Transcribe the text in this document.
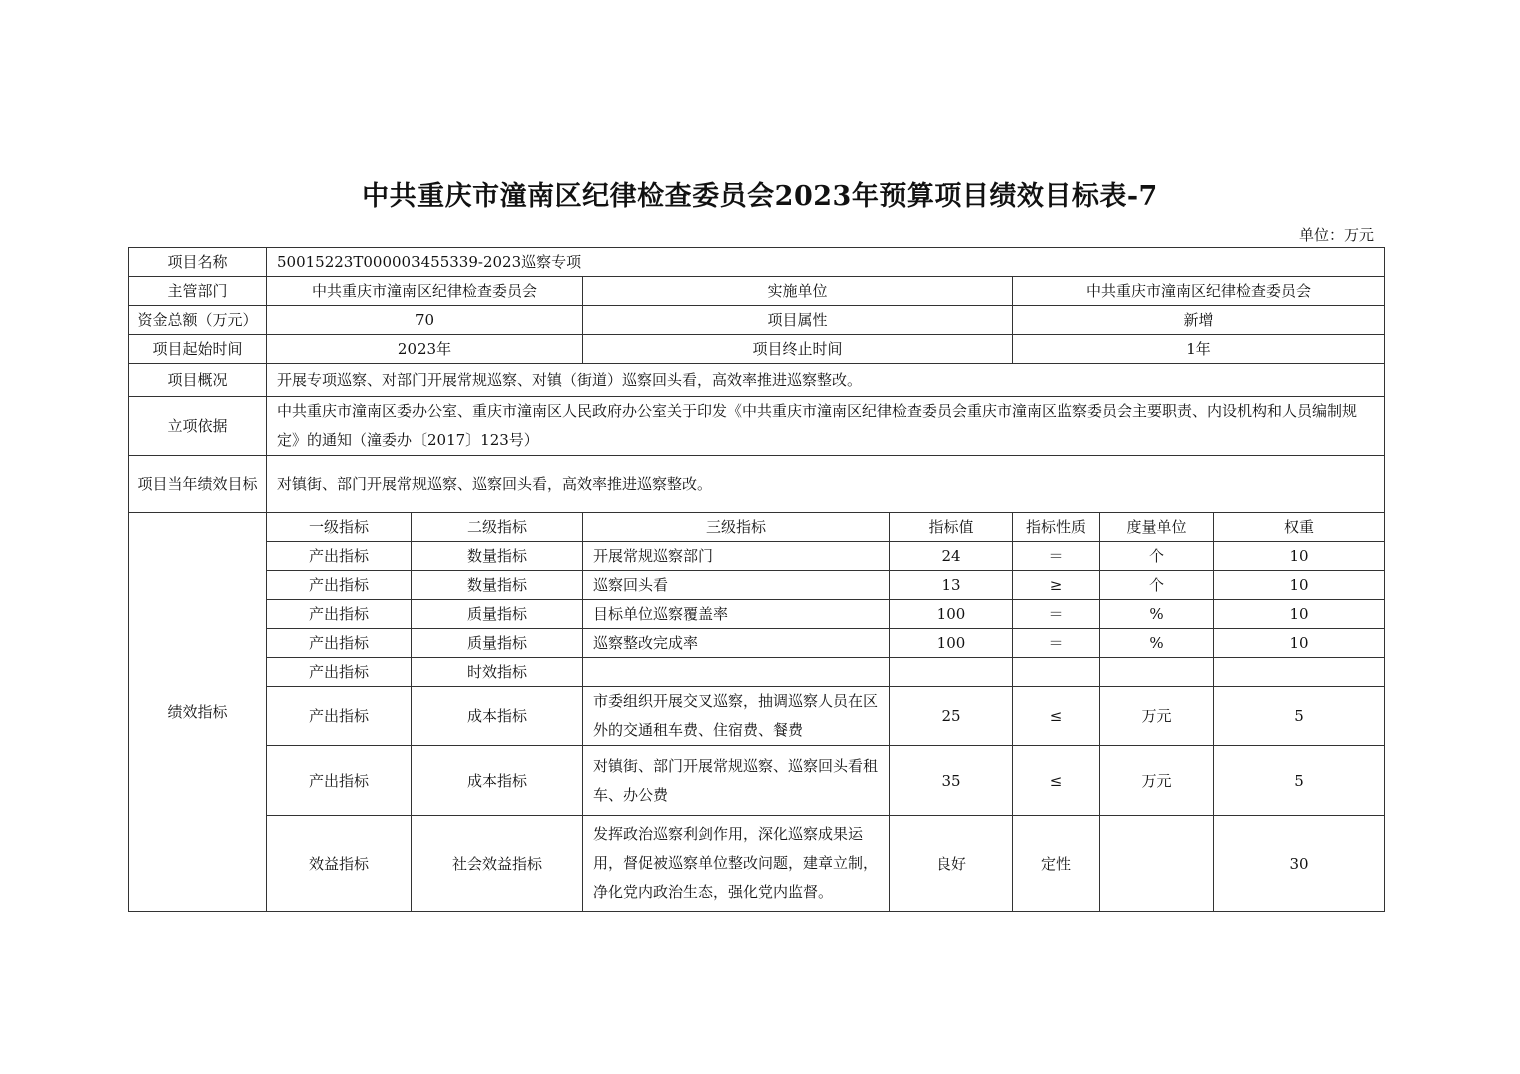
中共重庆市潼南区纪律检查委员会2023年预算项目绩效目标表-7
单位：万元
项目名称	50015223T000003455339-2023巡察专项						
主管部门	中共重庆市潼南区纪律检查委员会		实施单位		中共重庆市潼南区纪律检查委员会		
资金总额（万元）	70		项目属性		新增		
项目起始时间	2023年		项目终止时间		1年		
项目概况	开展专项巡察、对部门开展常规巡察、对镇（街道）巡察回头看，高效率推进巡察整改。						
立项依据	中共重庆市潼南区委办公室、重庆市潼南区人民政府办公室关于印发《中共重庆市潼南区纪律检查委员会重庆市潼南区监察委员会主要职责、内设机构和人员编制规定》的通知（潼委办〔2017〕123号）						
项目当年绩效目标	对镇街、部门开展常规巡察、巡察回头看，高效率推进巡察整改。						
绩效指标	一级指标	二级指标	三级指标	指标值	指标性质	度量单位	权重
	产出指标	数量指标	开展常规巡察部门	24	＝	个	10
	产出指标	数量指标	巡察回头看	13	≥	个	10
	产出指标	质量指标	目标单位巡察覆盖率	100	＝	%	10
	产出指标	质量指标	巡察整改完成率	100	＝	%	10
	产出指标	时效指标					
	产出指标	成本指标	市委组织开展交叉巡察，抽调巡察人员在区外的交通租车费、住宿费、餐费	25	≤	万元	5
	产出指标	成本指标	对镇街、部门开展常规巡察、巡察回头看租车、办公费	35	≤	万元	5
	效益指标	社会效益指标	发挥政治巡察利剑作用，深化巡察成果运用，督促被巡察单位整改问题，建章立制，净化党内政治生态，强化党内监督。	良好	定性		30
